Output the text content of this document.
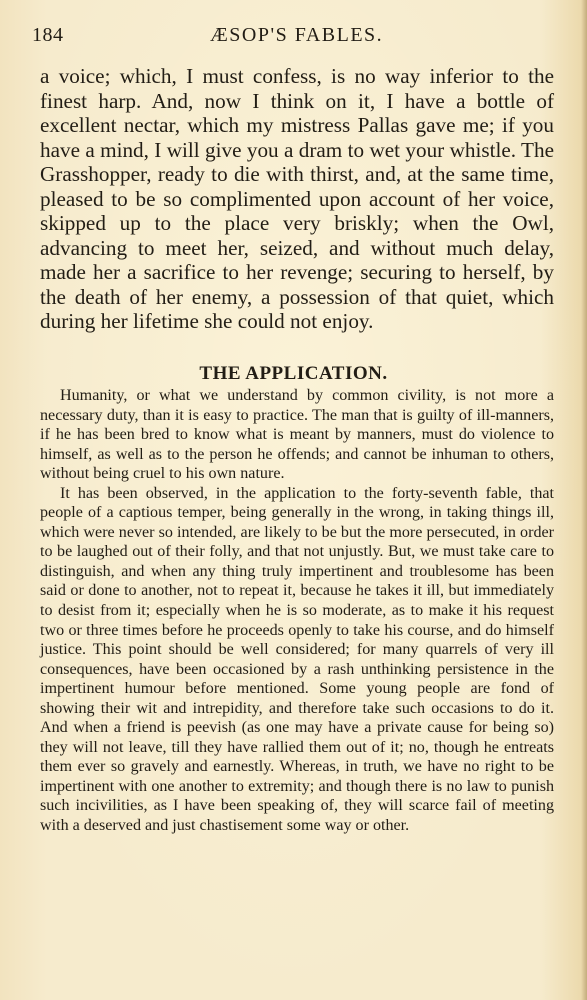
184	ÆSOP'S FABLES.

a voice; which, I must confess, is no way inferior to the finest harp. And, now I think on it, I have a bottle of excellent nectar, which my mistress Pallas gave me; if you have a mind, I will give you a dram to wet your whistle. The Grasshopper, ready to die with thirst, and, at the same time, pleased to be so complimented upon account of her voice, skipped up to the place very briskly; when the Owl, advancing to meet her, seized, and without much delay, made her a sacrifice to her revenge; securing to herself, by the death of her enemy, a possession of that quiet, which during her lifetime she could not enjoy.

THE APPLICATION.

Humanity, or what we understand by common civility, is not more a necessary duty, than it is easy to practice. The man that is guilty of ill-manners, if he has been bred to know what is meant by manners, must do violence to himself, as well as to the person he offends; and cannot be inhuman to others, without being cruel to his own nature.

It has been observed, in the application to the forty-seventh fable, that people of a captious temper, being generally in the wrong, in taking things ill, which were never so intended, are likely to be but the more persecuted, in order to be laughed out of their folly, and that not unjustly. But, we must take care to distinguish, and when any thing truly impertinent and troublesome has been said or done to another, not to repeat it, because he takes it ill, but immediately to desist from it; especially when he is so moderate, as to make it his request two or three times before he proceeds openly to take his course, and do himself justice. This point should be well considered; for many quarrels of very ill consequences, have been occasioned by a rash unthinking persistence in the impertinent humour before mentioned. Some young people are fond of showing their wit and intrepidity, and therefore take such occasions to do it. And when a friend is peevish (as one may have a private cause for being so) they will not leave, till they have rallied them out of it; no, though he entreats them ever so gravely and earnestly. Whereas, in truth, we have no right to be impertinent with one another to extremity; and though there is no law to punish such incivilities, as I have been speaking of, they will scarce fail of meeting with a deserved and just chastisement some way or other.
